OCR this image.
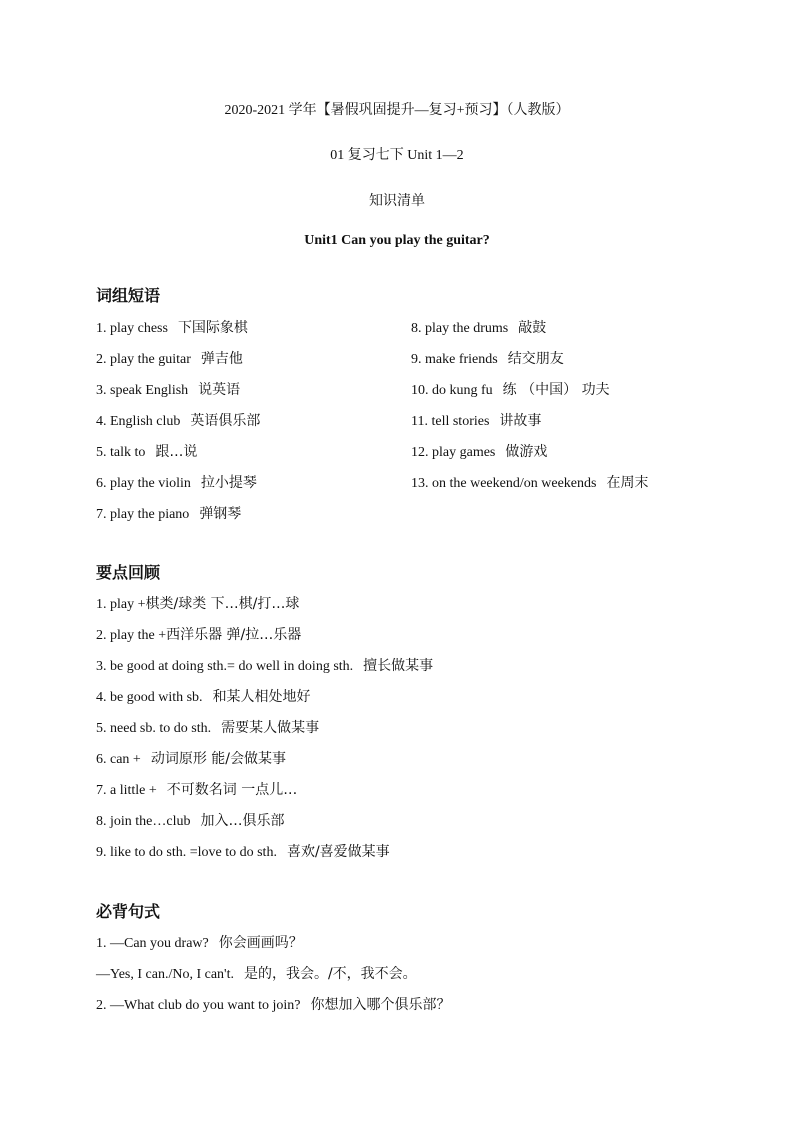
2020-2021 学年【暑假巩固提升—复习+预习】（人教版）
01 复习七下 Unit 1—2
知识清单
Unit1 Can you play the guitar?
词组短语
1. play chess 下国际象棋
2. play the guitar 弹吉他
3. speak English 说英语
4. English club 英语俱乐部
5. talk to 跟…说
6. play the violin 拉小提琴
7. play the piano 弹钢琴
8. play the drums 敲鼓
9. make friends 结交朋友
10. do kung fu 练 （中国） 功夫
11. tell stories 讲故事
12. play games 做游戏
13. on the weekend/on weekends 在周末
要点回顾
1. play +棋类/球类 下…棋/打…球
2. play the +西洋乐器 弹/拉…乐器
3. be good at doing sth.= do well in doing sth. 擅长做某事
4. be good with sb. 和某人相处地好
5. need sb. to do sth. 需要某人做某事
6. can + 动词原形 能/会做某事
7. a little + 不可数名词 一点儿…
8. join the…club 加入…俱乐部
9. like to do sth. =love to do sth. 喜欢/喜爱做某事
必背句式
1. —Can you draw? 你会画画吗？
—Yes, I can./No, I can't. 是的，我会。/不，我不会。
2. —What club do you want to join? 你想加入哪个俱乐部？
